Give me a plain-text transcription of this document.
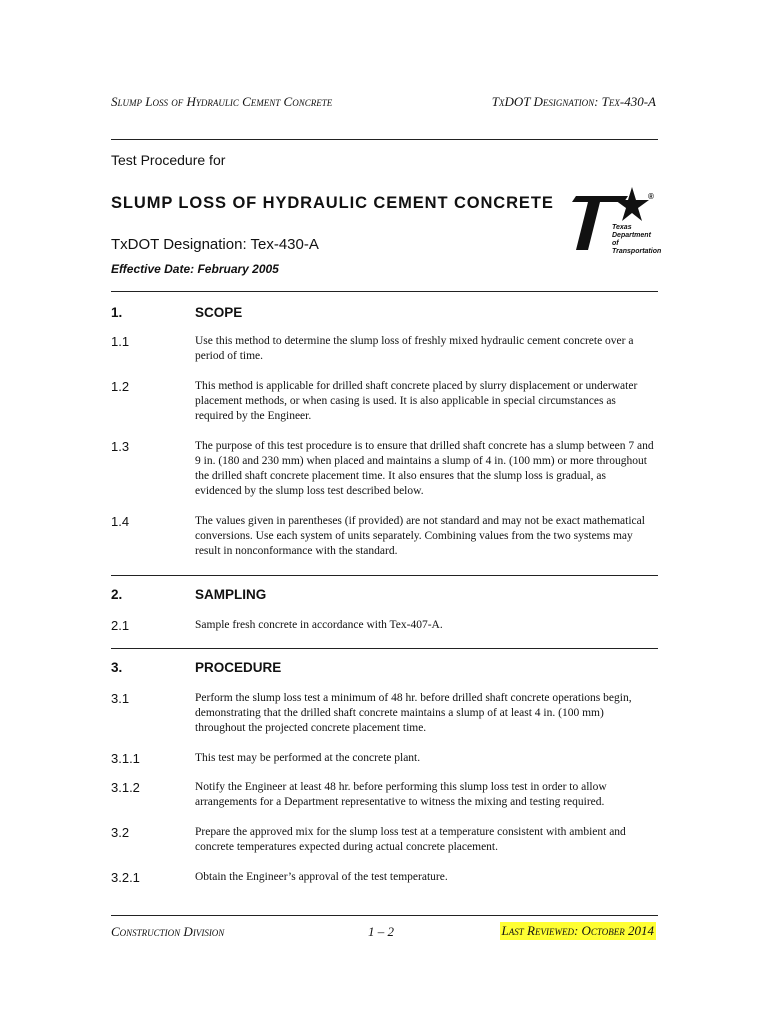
Slump Loss of Hydraulic Cement Concrete	TxDOT Designation: Tex-430-A
Test Procedure for
SLUMP LOSS OF HYDRAULIC CEMENT CONCRETE
TxDOT Designation: Tex-430-A
Effective Date: February 2005
®
Texas
Department
of Transportation
1.	SCOPE
1.1	Use this method to determine the slump loss of freshly mixed hydraulic cement concrete over a period of time.
1.2	This method is applicable for drilled shaft concrete placed by slurry displacement or underwater placement methods, or when casing is used. It is also applicable in special circumstances as required by the Engineer.
1.3	The purpose of this test procedure is to ensure that drilled shaft concrete has a slump between 7 and 9 in. (180 and 230 mm) when placed and maintains a slump of 4 in. (100 mm) or more throughout the drilled shaft concrete placement time. It also ensures that the slump loss is gradual, as evidenced by the slump loss test described below.
1.4	The values given in parentheses (if provided) are not standard and may not be exact mathematical conversions. Use each system of units separately. Combining values from the two systems may result in nonconformance with the standard.
2.	SAMPLING
2.1	Sample fresh concrete in accordance with Tex-407-A.
3.	PROCEDURE
3.1	Perform the slump loss test a minimum of 48 hr. before drilled shaft concrete operations begin, demonstrating that the drilled shaft concrete maintains a slump of at least 4 in. (100 mm) throughout the projected concrete placement time.
3.1.1	This test may be performed at the concrete plant.
3.1.2	Notify the Engineer at least 48 hr. before performing this slump loss test in order to allow arrangements for a Department representative to witness the mixing and testing required.
3.2	Prepare the approved mix for the slump loss test at a temperature consistent with ambient and concrete temperatures expected during actual concrete placement.
3.2.1	Obtain the Engineer’s approval of the test temperature.
Construction Division	1 – 2	Last Reviewed: October 2014
